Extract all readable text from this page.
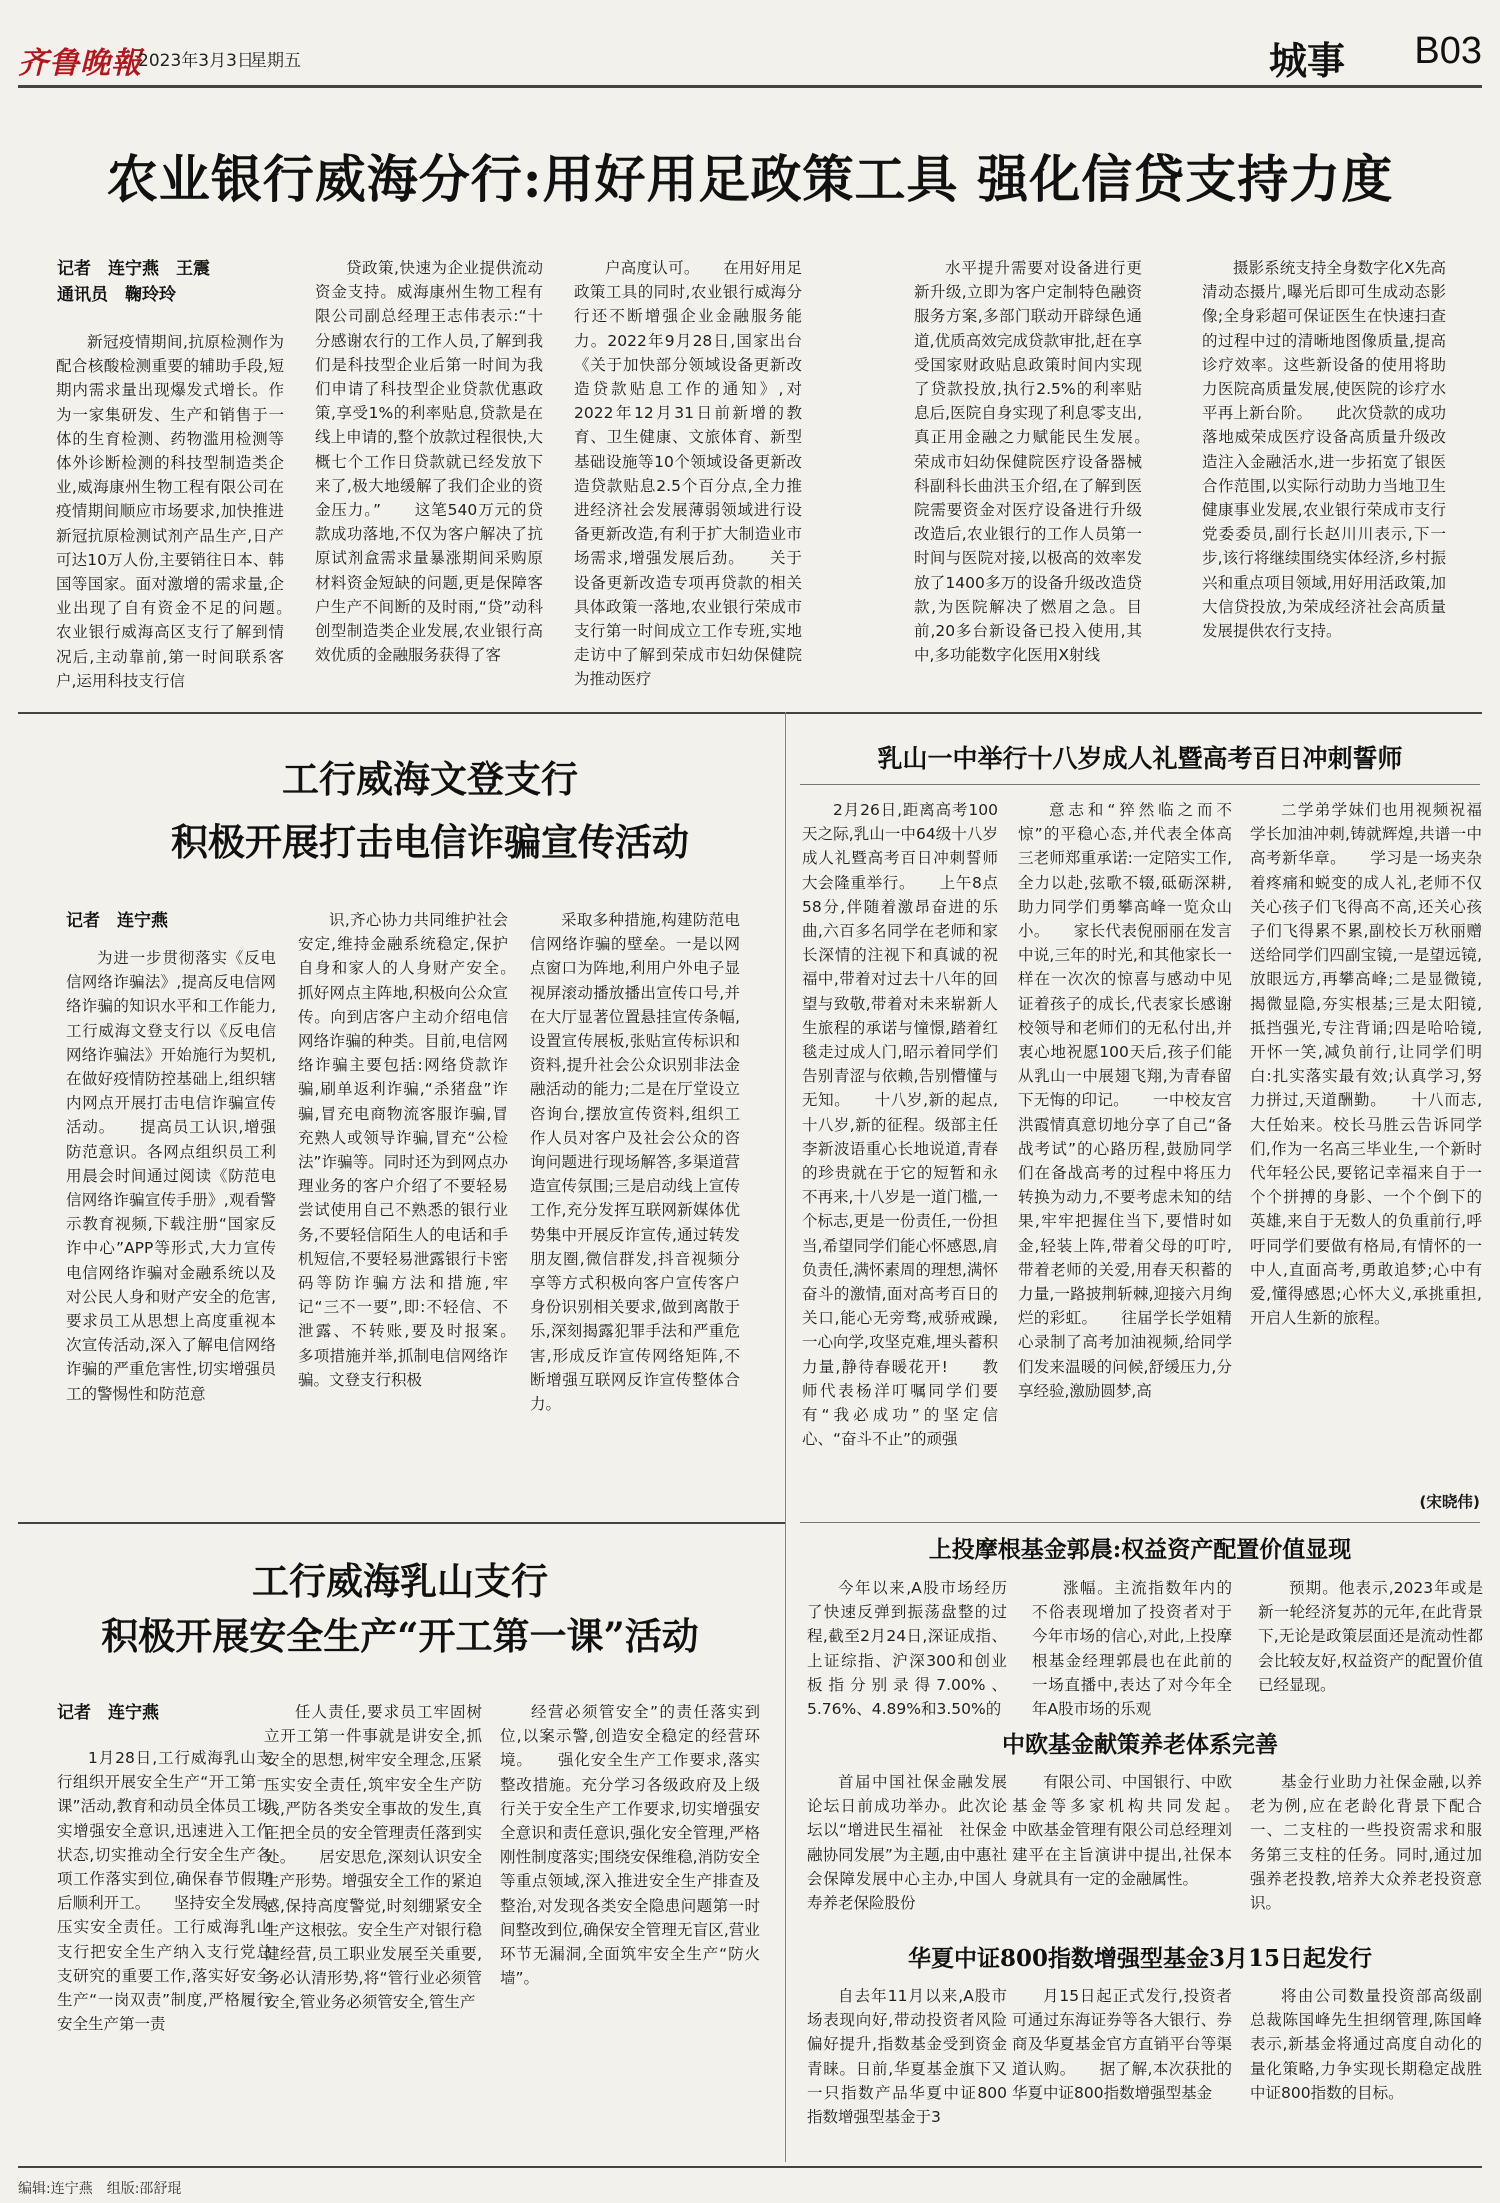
齐鲁晚報
2023年3月3日
星期五	城事 B03
农业银行威海分行:用好用足政策工具 强化信贷支持力度
记者　连宁燕　王震
通讯员　鞠玲玲
新冠疫情期间,抗原检测作为配合核酸检测重要的辅助手段,短期内需求量出现爆发式增长。作为一家集研发、生产和销售于一体的生育检测、药物滥用检测等体外诊断检测的科技型制造类企业,威海康州生物工程有限公司在疫情期间顺应市场要求,加快推进新冠抗原检测试剂产品生产,日产可达10万人份,主要销往日本、韩国等国家。面对激增的需求量,企业出现了自有资金不足的问题。　　农业银行威海高区支行了解到情况后,主动靠前,第一时间联系客户,运用科技支行信
贷政策,快速为企业提供流动资金支持。威海康州生物工程有限公司副总经理王志伟表示:“十分感谢农行的工作人员,了解到我们是科技型企业后第一时间为我们申请了科技型企业贷款优惠政策,享受1%的利率贴息,贷款是在线上申请的,整个放款过程很快,大概七个工作日贷款就已经发放下来了,极大地缓解了我们企业的资金压力。”　　这笔540万元的贷款成功落地,不仅为客户解决了抗原试剂盒需求量暴涨期间采购原材料资金短缺的问题,更是保障客户生产不间断的及时雨,“贷”动科创型制造类企业发展,农业银行高效优质的金融服务获得了客
户高度认可。　　在用好用足政策工具的同时,农业银行威海分行还不断增强企业金融服务能力。2022年9月28日,国家出台《关于加快部分领域设备更新改造贷款贴息工作的通知》,对2022年12月31日前新增的教育、卫生健康、文旅体育、新型基础设施等10个领域设备更新改造贷款贴息2.5个百分点,全力推进经济社会发展薄弱领域进行设备更新改造,有利于扩大制造业市场需求,增强发展后劲。　　关于设备更新改造专项再贷款的相关具体政策一落地,农业银行荣成市支行第一时间成立工作专班,实地走访中了解到荣成市妇幼保健院为推动医疗
水平提升需要对设备进行更新升级,立即为客户定制特色融资服务方案,多部门联动开辟绿色通道,优质高效完成贷款审批,赶在享受国家财政贴息政策时间内实现了贷款投放,执行2.5%的利率贴息后,医院自身实现了利息零支出,真正用金融之力赋能民生发展。　　荣成市妇幼保健院医疗设备器械科副科长曲洪玉介绍,在了解到医院需要资金对医疗设备进行升级改造后,农业银行的工作人员第一时间与医院对接,以极高的效率发放了1400多万的设备升级改造贷款,为医院解决了燃眉之急。目前,20多台新设备已投入使用,其中,多功能数字化医用X射线
摄影系统支持全身数字化X先高清动态摄片,曝光后即可生成动态影像;全身彩超可保证医生在快速扫查的过程中过的清晰地图像质量,提高诊疗效率。这些新设备的使用将助力医院高质量发展,使医院的诊疗水平再上新台阶。　　此次贷款的成功落地威荣成医疗设备高质量升级改造注入金融活水,进一步拓宽了银医合作范围,以实际行动助力当地卫生健康事业发展,农业银行荣成市支行党委委员,副行长赵川川表示,下一步,该行将继续围绕实体经济,乡村振兴和重点项目领域,用好用活政策,加大信贷投放,为荣成经济社会高质量发展提供农行支持。
工行威海文登支行
积极开展打击电信诈骗宣传活动
记者　连宁燕
为进一步贯彻落实《反电信网络诈骗法》,提高反电信网络诈骗的知识水平和工作能力,工行威海文登支行以《反电信网络诈骗法》开始施行为契机,在做好疫情防控基础上,组织辖内网点开展打击电信诈骗宣传活动。　　提高员工认识,增强防范意识。各网点组织员工利用晨会时间通过阅读《防范电信网络诈骗宣传手册》,观看警示教育视频,下载注册“国家反诈中心”APP等形式,大力宣传电信网络诈骗对金融系统以及对公民人身和财产安全的危害,要求员工从思想上高度重视本次宣传活动,深入了解电信网络诈骗的严重危害性,切实增强员工的警惕性和防范意
识,齐心协力共同维护社会安定,维持金融系统稳定,保护自身和家人的人身财产安全。　　抓好网点主阵地,积极向公众宣传。向到店客户主动介绍电信网络诈骗的种类。目前,电信网络诈骗主要包括:网络贷款诈骗,刷单返利诈骗,“杀猪盘”诈骗,冒充电商物流客服诈骗,冒充熟人或领导诈骗,冒充“公检法”诈骗等。同时还为到网点办理业务的客户介绍了不要轻易尝试使用自己不熟悉的银行业务,不要轻信陌生人的电话和手机短信,不要轻易泄露银行卡密码等防诈骗方法和措施,牢记“三不一要”,即:不轻信、不泄露、不转账,要及时报案。　　多项措施并举,抓制电信网络诈骗。文登支行积极
采取多种措施,构建防范电信网络诈骗的壁垒。一是以网点窗口为阵地,利用户外电子显视屏滚动播放播出宣传口号,并在大厅显著位置悬挂宣传条幅,设置宣传展板,张贴宣传标识和资料,提升社会公众识别非法金融活动的能力;二是在厅堂设立咨询台,摆放宣传资料,组织工作人员对客户及社会公众的咨询问题进行现场解答,多渠道营造宣传氛围;三是启动线上宣传工作,充分发挥互联网新媒体优势集中开展反诈宣传,通过转发朋友圈,微信群发,抖音视频分享等方式积极向客户宣传客户身份识别相关要求,做到离散于乐,深刻揭露犯罪手法和严重危害,形成反诈宣传网络矩阵,不断增强互联网反诈宣传整体合力。
乳山一中举行十八岁成人礼暨高考百日冲刺誓师
2月26日,距离高考100天之际,乳山一中64级十八岁成人礼暨高考百日冲刺誓师大会隆重举行。　　上午8点58分,伴随着激昂奋进的乐曲,六百多名同学在老师和家长深情的注视下和真诚的祝福中,带着对过去十八年的回望与致敬,带着对未来崭新人生旅程的承诺与憧憬,踏着红毯走过成人门,昭示着同学们告别青涩与依赖,告别懵懂与无知。　　十八岁,新的起点,十八岁,新的征程。级部主任李新波语重心长地说道,青春的珍贵就在于它的短暂和永不再来,十八岁是一道门槛,一个标志,更是一份责任,一份担当,希望同学们能心怀感恩,肩负责任,满怀素周的理想,满怀奋斗的激情,面对高考百日的关口,能心无旁骛,戒骄戒躁,一心向学,攻坚克难,埋头蓄积力量,静待春暖花开!　　教师代表杨洋叮嘱同学们要有“我必成功”的坚定信心、“奋斗不止”的顽强
意志和“猝然临之而不惊”的平稳心态,并代表全体高三老师郑重承诺:一定陪实工作,全力以赴,弦歌不辍,砥砺深耕,助力同学们勇攀高峰一览众山小。　　家长代表倪丽丽在发言中说,三年的时光,和其他家长一样在一次次的惊喜与感动中见证着孩子的成长,代表家长感谢校领导和老师们的无私付出,并衷心地祝愿100天后,孩子们能从乳山一中展翅飞翔,为青春留下无悔的印记。　　一中校友宫洪霞情真意切地分享了自己“备战考试”的心路历程,鼓励同学们在备战高考的过程中将压力转换为动力,不要考虑未知的结果,牢牢把握住当下,要惜时如金,轻装上阵,带着父母的叮咛,带着老师的关爱,用春天积蓄的力量,一路披荆斩棘,迎接六月绚烂的彩虹。　　往届学长学姐精心录制了高考加油视频,给同学们发来温暖的问候,舒缓压力,分享经验,激励圆梦,高
二学弟学妹们也用视频祝福学长加油冲刺,铸就辉煌,共谱一中高考新华章。　　学习是一场夹杂着疼痛和蜕变的成人礼,老师不仅关心孩子们飞得高不高,还关心孩子们飞得累不累,副校长万秋丽赠送给同学们四副宝镜,一是望远镜,放眼远方,再攀高峰;二是显微镜,揭微显隐,夯实根基;三是太阳镜,抵挡强光,专注背诵;四是哈哈镜,开怀一笑,减负前行,让同学们明白:扎实落实最有效;认真学习,努力拼过,天道酬勤。　　十八而志,大任始来。校长马胜云告诉同学们,作为一名高三毕业生,一个新时代年轻公民,要铭记幸福来自于一个个拼搏的身影、一个个倒下的英雄,来自于无数人的负重前行,呼吁同学们要做有格局,有情怀的一中人,直面高考,勇敢追梦;心中有爱,懂得感恩;心怀大义,承挑重担,开启人生新的旅程。
(宋晓伟)
工行威海乳山支行
积极开展安全生产“开工第一课”活动
记者　连宁燕
1月28日,工行威海乳山支行组织开展安全生产“开工第一课”活动,教育和动员全体员工切实增强安全意识,迅速进入工作状态,切实推动全行安全生产各项工作落实到位,确保春节假期后顺利开工。　　坚持安全发展,压实安全责任。工行威海乳山支行把安全生产纳入支行党总支研究的重要工作,落实好安全生产“一岗双责”制度,严格履行安全生产第一责
任人责任,要求员工牢固树立开工第一件事就是讲安全,抓安全的思想,树牢安全理念,压紧压实安全责任,筑牢安全生产防线,严防各类安全事故的发生,真正把全员的安全管理责任落到实处。　　居安思危,深刻认识安全生产形势。增强安全工作的紧迫感,保持高度警觉,时刻绷紧安全生产这根弦。安全生产对银行稳健经营,员工职业发展至关重要,务必认清形势,将“管行业必须管安全,管业务必须管安全,管生产
经营必须管安全”的责任落实到位,以案示警,创造安全稳定的经营环境。　　强化安全生产工作要求,落实整改措施。充分学习各级政府及上级行关于安全生产工作要求,切实增强安全意识和责任意识,强化安全管理,严格刚性制度落实;围绕安保维稳,消防安全等重点领域,深入推进安全生产排查及整治,对发现各类安全隐患问题第一时间整改到位,确保安全管理无盲区,营业环节无漏洞,全面筑牢安全生产“防火墙”。
上投摩根基金郭晨:权益资产配置价值显现
今年以来,A股市场经历了快速反弹到振荡盘整的过程,截至2月24日,深证成指、上证综指、沪深300和创业板指分别录得7.00%、5.76%、4.89%和3.50%的
涨幅。主流指数年内的不俗表现增加了投资者对于今年市场的信心,对此,上投摩根基金经理郭晨也在此前的一场直播中,表达了对今年全年A股市场的乐观
预期。他表示,2023年或是新一轮经济复苏的元年,在此背景下,无论是政策层面还是流动性都会比较友好,权益资产的配置价值已经显现。
中欧基金献策养老体系完善
首届中国社保金融发展论坛日前成功举办。此次论坛以“增进民生福祉　社保金融协同发展”为主题,由中惠社会保障发展中心主办,中国人寿养老保险股份
有限公司、中国银行、中欧基金等多家机构共同发起。　　中欧基金管理有限公司总经理刘建平在主旨演讲中提出,社保本身就具有一定的金融属性。
基金行业助力社保金融,以养老为例,应在老龄化背景下配合一、二支柱的一些投资需求和服务第三支柱的任务。同时,通过加强养老投教,培养大众养老投资意识。
华夏中证800指数增强型基金3月15日起发行
自去年11月以来,A股市场表现向好,带动投资者风险偏好提升,指数基金受到资金青睐。日前,华夏基金旗下又一只指数产品华夏中证800指数增强型基金于3
月15日起正式发行,投资者可通过东海证券等各大银行、券商及华夏基金官方直销平台等渠道认购。　　据了解,本次获批的华夏中证800指数增强型基金
将由公司数量投资部高级副总裁陈国峰先生担纲管理,陈国峰表示,新基金将通过高度自动化的量化策略,力争实现长期稳定战胜中证800指数的目标。
编辑:连宁燕　组版:邵舒琨
